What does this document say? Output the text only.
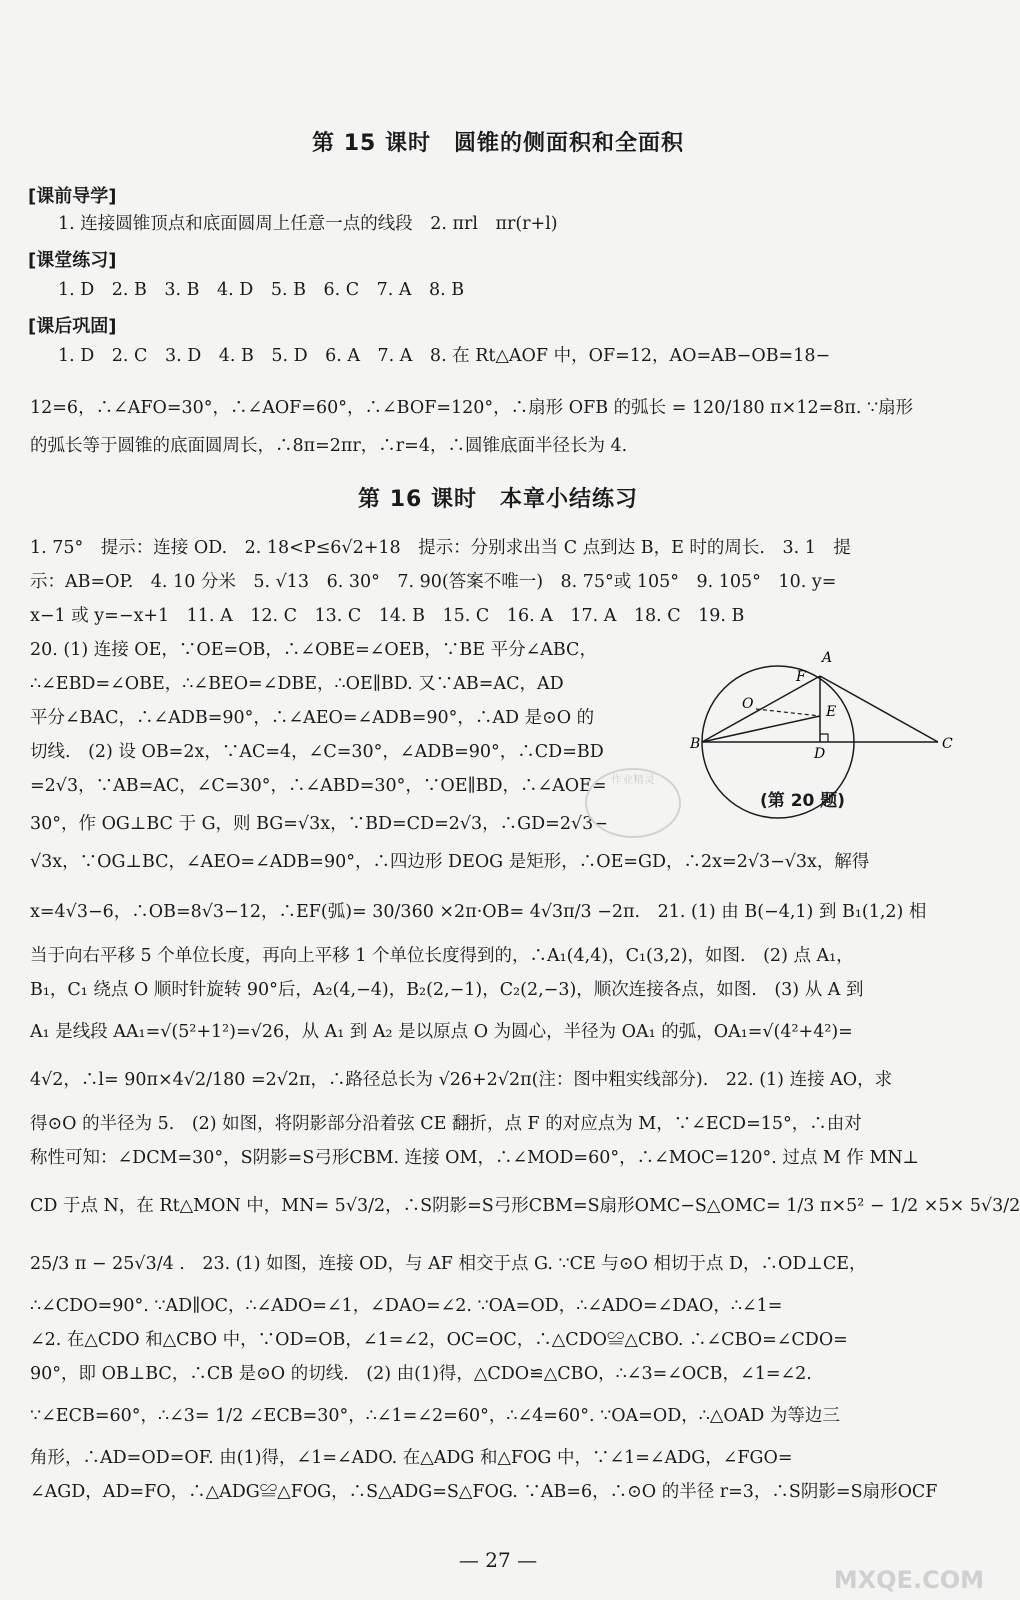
第 15 课时　圆锥的侧面积和全面积
[课前导学]
1. 连接圆锥顶点和底面圆周上任意一点的线段　2. πrl　πr(r+l)
[课堂练习]
1. D　2. B　3. B　4. D　5. B　6. C　7. A　8. B
[课后巩固]
1. D　2. C　3. D　4. B　5. D　6. A　7. A　8. 在 Rt△AOF 中，OF=12，AO=AB−OB=18−
12=6，∴∠AFO=30°，∴∠AOF=60°，∴∠BOF=120°，∴扇形 OFB 的弧长 = 120/180 π×12=8π. ∵扇形
的弧长等于圆锥的底面圆周长，∴8π=2πr，∴r=4，∴圆锥底面半径长为 4.
第 16 课时　本章小结练习
1. 75°　提示：连接 OD.　2. 18<P≤6√2+18　提示：分别求出当 C 点到达 B，E 时的周长.　3. 1　提
示：AB=OP.　4. 10 分米　5. √13　6. 30°　7. 90(答案不唯一)　8. 75°或 105°　9. 105°　10. y=
x−1 或 y=−x+1　11. A　12. C　13. C　14. B　15. C　16. A　17. A　18. C　19. B
20. (1) 连接 OE，∵OE=OB，∴∠OBE=∠OEB，∵BE 平分∠ABC，
∴∠EBD=∠OBE，∴∠BEO=∠DBE，∴OE∥BD. 又∵AB=AC，AD
平分∠BAC，∴∠ADB=90°，∴∠AEO=∠ADB=90°，∴AD 是⊙O 的
切线.　(2) 设 OB=2x，∵AC=4，∠C=30°，∠ADB=90°，∴CD=BD
=2√3，∵AB=AC，∠C=30°，∴∠ABD=30°，∵OE∥BD，∴∠AOE=
30°，作 OG⊥BC 于 G，则 BG=√3x，∵BD=CD=2√3，∴GD=2√3−
√3x，∵OG⊥BC，∠AEO=∠ADB=90°，∴四边形 DEOG 是矩形，∴OE=GD，∴2x=2√3−√3x，解得
x=4√3−6，∴OB=8√3−12，∴EF(弧)= 30/360 ×2π·OB= 4√3π/3 −2π.　21. (1) 由 B(−4,1) 到 B₁(1,2) 相
当于向右平移 5 个单位长度，再向上平移 1 个单位长度得到的，∴A₁(4,4)，C₁(3,2)，如图.　(2) 点 A₁，
B₁，C₁ 绕点 O 顺时针旋转 90°后，A₂(4,−4)，B₂(2,−1)，C₂(2,−3)，顺次连接各点，如图.　(3) 从 A 到
A₁ 是线段 AA₁=√(5²+1²)=√26，从 A₁ 到 A₂ 是以原点 O 为圆心，半径为 OA₁ 的弧，OA₁=√(4²+4²)=
4√2，∴l= 90π×4√2/180 =2√2π，∴路径总长为 √26+2√2π(注：图中粗实线部分).　22. (1) 连接 AO，求
得⊙O 的半径为 5.　(2) 如图，将阴影部分沿着弦 CE 翻折，点 F 的对应点为 M，∵∠ECD=15°，∴由对
称性可知：∠DCM=30°，S阴影=S弓形CBM. 连接 OM，∴∠MOD=60°，∴∠MOC=120°. 过点 M 作 MN⊥
CD 于点 N，在 Rt△MON 中，MN= 5√3/2，∴S阴影=S弓形CBM=S扇形OMC−S△OMC= 1/3 π×5² − 1/2 ×5× 5√3/2
25/3 π − 25√3/4 .　23. (1) 如图，连接 OD，与 AF 相交于点 G. ∵CE 与⊙O 相切于点 D，∴OD⊥CE，
∴∠CDO=90°. ∵AD∥OC，∴∠ADO=∠1，∠DAO=∠2. ∵OA=OD，∴∠ADO=∠DAO，∴∠1=
∠2. 在△CDO 和△CBO 中，∵OD=OB，∠1=∠2，OC=OC，∴△CDO≌△CBO. ∴∠CBO=∠CDO=
90°，即 OB⊥BC，∴CB 是⊙O 的切线.　(2) 由(1)得，△CDO≌△CBO，∴∠3=∠OCB，∠1=∠2.
∵∠ECB=60°，∴∠3= 1/2 ∠ECB=30°，∴∠1=∠2=60°，∴∠4=60°. ∵OA=OD，∴△OAD 为等边三
角形，∴AD=OD=OF. 由(1)得，∠1=∠ADO. 在△ADG 和△FOG 中，∵∠1=∠ADG，∠FGO=
∠AGD，AD=FO，∴△ADG≌△FOG，∴S△ADG=S△FOG. ∵AB=6，∴⊙O 的半径 r=3，∴S阴影=S扇形OCF
F
A
O	E
B
D
C
(第 20 题)
作业精灵
— 27 —
MXQE.COM
